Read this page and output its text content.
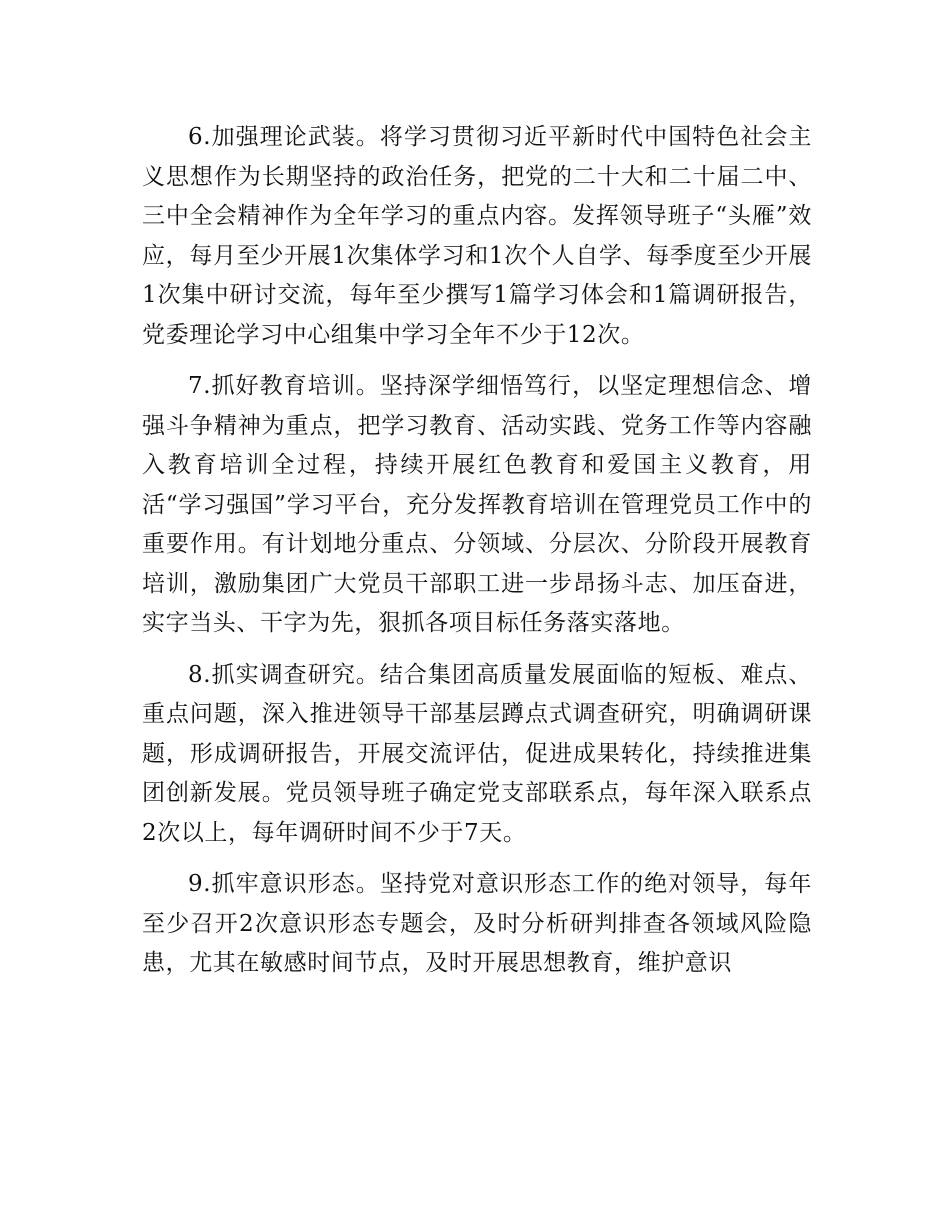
6.加强理论武装。将学习贯彻习近平新时代中国特色社会主义思想作为长期坚持的政治任务，把党的二十大和二十届二中、三中全会精神作为全年学习的重点内容。发挥领导班子“头雁”效应，每月至少开展1次集体学习和1次个人自学、每季度至少开展1次集中研讨交流，每年至少撰写1篇学习体会和1篇调研报告，党委理论学习中心组集中学习全年不少于12次。

7.抓好教育培训。坚持深学细悟笃行，以坚定理想信念、增强斗争精神为重点，把学习教育、活动实践、党务工作等内容融入教育培训全过程，持续开展红色教育和爱国主义教育，用活“学习强国”学习平台，充分发挥教育培训在管理党员工作中的重要作用。有计划地分重点、分领域、分层次、分阶段开展教育培训，激励集团广大党员干部职工进一步昂扬斗志、加压奋进，实字当头、干字为先，狠抓各项目标任务落实落地。

8.抓实调查研究。结合集团高质量发展面临的短板、难点、重点问题，深入推进领导干部基层蹲点式调查研究，明确调研课题，形成调研报告，开展交流评估，促进成果转化，持续推进集团创新发展。党员领导班子确定党支部联系点，每年深入联系点2次以上，每年调研时间不少于7天。

9.抓牢意识形态。坚持党对意识形态工作的绝对领导，每年至少召开2次意识形态专题会，及时分析研判排查各领域风险隐患，尤其在敏感时间节点，及时开展思想教育，维护意识
